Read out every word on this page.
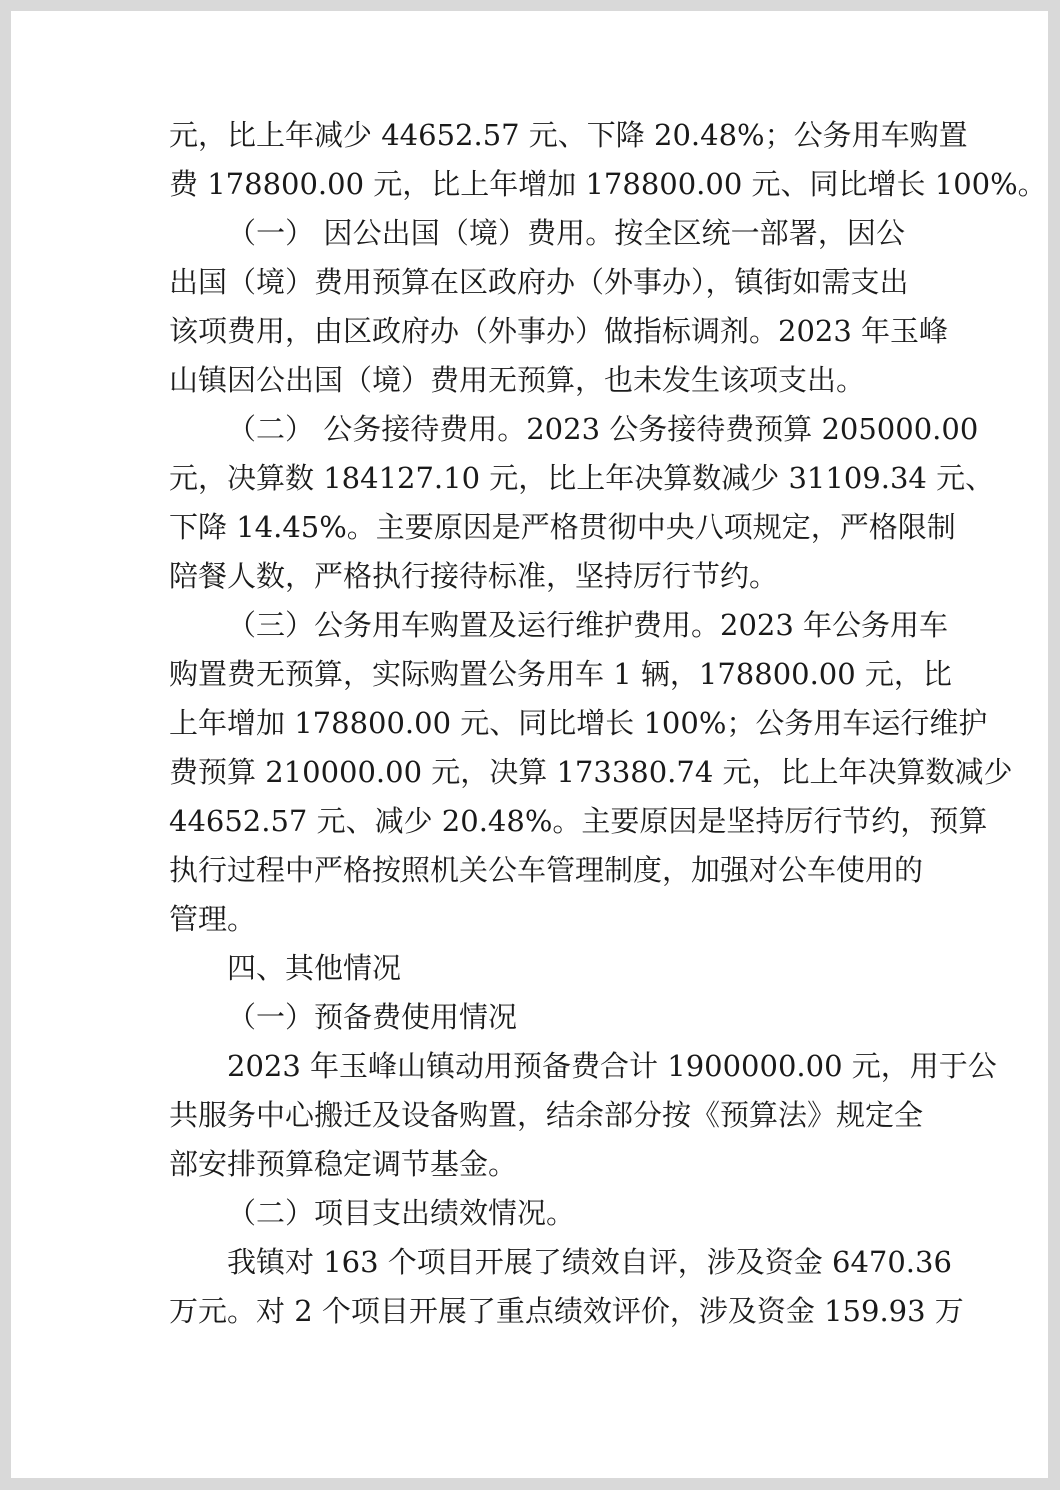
元，比上年减少 44652.57 元、下降 20.48%；公务用车购置
费 178800.00 元，比上年增加 178800.00 元、同比增长 100%。
（一） 因公出国（境）费用。按全区统一部署，因公
出国（境）费用预算在区政府办（外事办），镇街如需支出
该项费用，由区政府办（外事办）做指标调剂。2023 年玉峰
山镇因公出国（境）费用无预算，也未发生该项支出。
（二） 公务接待费用。2023 公务接待费预算 205000.00
元，决算数 184127.10 元，比上年决算数减少 31109.34 元、
下降 14.45%。主要原因是严格贯彻中央八项规定，严格限制
陪餐人数，严格执行接待标准，坚持厉行节约。
（三）公务用车购置及运行维护费用。2023 年公务用车
购置费无预算，实际购置公务用车 1 辆，178800.00 元，比
上年增加 178800.00 元、同比增长 100%；公务用车运行维护
费预算 210000.00 元，决算 173380.74 元，比上年决算数减少
44652.57 元、减少 20.48%。主要原因是坚持厉行节约，预算
执行过程中严格按照机关公车管理制度，加强对公车使用的
管理。
四、其他情况
（一）预备费使用情况
2023 年玉峰山镇动用预备费合计 1900000.00 元，用于公
共服务中心搬迁及设备购置，结余部分按《预算法》规定全
部安排预算稳定调节基金。
（二）项目支出绩效情况。
我镇对 163 个项目开展了绩效自评，涉及资金 6470.36
万元。对 2 个项目开展了重点绩效评价，涉及资金 159.93 万
